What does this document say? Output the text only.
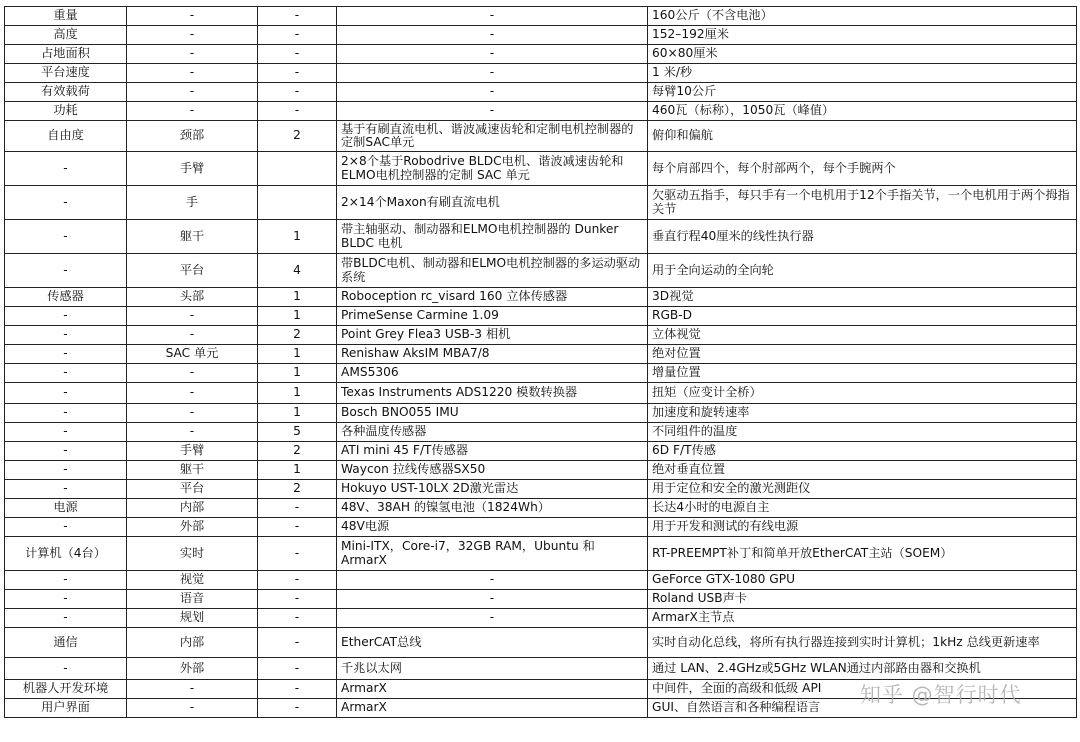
重量	-	-	-	160公斤（不含电池）
高度	-	-	-	152–192厘米
占地面积	-	-	-	60×80厘米
平台速度	-	-	-	1 米/秒
有效载荷	-	-	-	每臂10公斤
功耗	-	-	-	460瓦（标称），1050瓦（峰值）
自由度	颈部	2	基于有刷直流电机、谐波减速齿轮和定制电机控制器的定制SAC单元	俯仰和偏航
-	手臂		2×8个基于Robodrive BLDC电机、谐波减速齿轮和ELMO电机控制器的定制 SAC 单元	每个肩部四个，每个肘部两个，每个手腕两个
-	手		2×14个Maxon有刷直流电机	欠驱动五指手，每只手有一个电机用于12个手指关节，一个电机用于两个拇指关节
-	躯干	1	带主轴驱动、制动器和ELMO电机控制器的 Dunker BLDC 电机	垂直行程40厘米的线性执行器
-	平台	4	带BLDC电机、制动器和ELMO电机控制器的多运动驱动系统	用于全向运动的全向轮
传感器	头部	1	Roboception rc_visard 160 立体传感器	3D视觉
-	-	1	PrimeSense Carmine 1.09	RGB-D
-	-	2	Point Grey Flea3 USB-3 相机	立体视觉
-	SAC 单元	1	Renishaw AksIM MBA7/8	绝对位置
-	-	1	AMS5306	增量位置
-	-	1	Texas Instruments ADS1220 模数转换器	扭矩（应变计全桥）
-	-	1	Bosch BNO055 IMU	加速度和旋转速率
-	-	5	各种温度传感器	不同组件的温度
-	手臂	2	ATI mini 45 F/T传感器	6D F/T传感
-	躯干	1	Waycon 拉线传感器SX50	绝对垂直位置
-	平台	2	Hokuyo UST-10LX 2D激光雷达	用于定位和安全的激光测距仪
电源	内部	-	48V、38AH 的镍氢电池（1824Wh）	长达4小时的电源自主
-	外部	-	48V电源	用于开发和测试的有线电源
计算机（4台）	实时	-	Mini-ITX，Core-i7，32GB RAM，Ubuntu 和 ArmarX	RT-PREEMPT补丁和简单开放EtherCAT主站（SOEM）
-	视觉	-	-	GeForce GTX-1080 GPU
-	语音	-	-	Roland USB声卡
-	规划	-	-	ArmarX主节点
通信	内部	-	EtherCAT总线	实时自动化总线，将所有执行器连接到实时计算机；1kHz 总线更新速率
-	外部	-	千兆以太网	通过 LAN、2.4GHz或5GHz WLAN通过内部路由器和交换机
机器人开发环境	-	-	ArmarX	中间件，全面的高级和低级 API
用户界面	-	-	ArmarX	GUI、自然语言和各种编程语言
知乎 @智行时代
